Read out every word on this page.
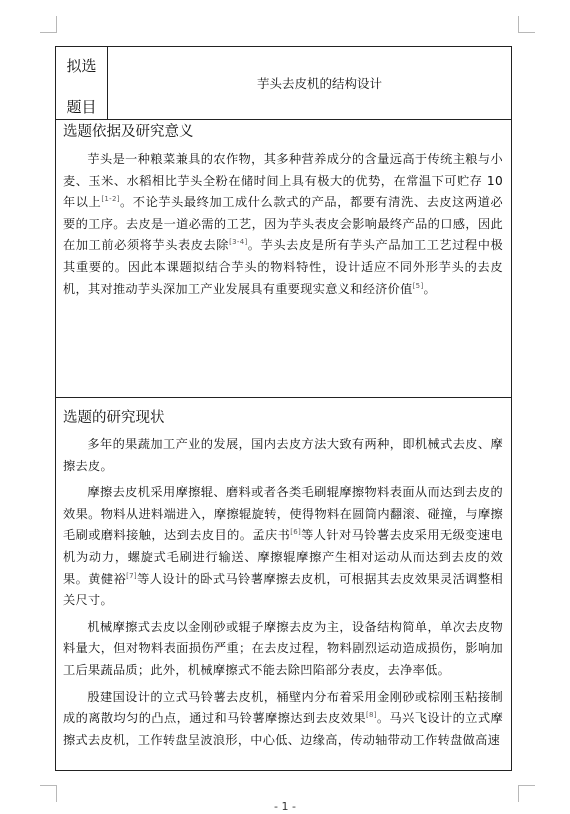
拟选
题目
芋头去皮机的结构设计
选题依据及研究意义

芋头是一种粮菜兼具的农作物，其多种营养成分的含量远高于传统主粮与小麦、玉米、水稻相比芋头全粉在储时间上具有极大的优势，在常温下可贮存 10 年以上[1-2]。不论芋头最终加工成什么款式的产品，都要有清洗、去皮这两道必要的工序。去皮是一道必需的工艺，因为芋头表皮会影响最终产品的口感，因此在加工前必须将芋头表皮去除[3-4]。芋头去皮是所有芋头产品加工工艺过程中极其重要的。因此本课题拟结合芋头的物料特性，设计适应不同外形芋头的去皮机，其对推动芋头深加工产业发展具有重要现实意义和经济价值[5]。

选题的研究现状

多年的果蔬加工产业的发展，国内去皮方法大致有两种，即机械式去皮、摩擦去皮。

摩擦去皮机采用摩擦辊、磨料或者各类毛刷辊摩擦物料表面从而达到去皮的效果。物料从进料端进入，摩擦辊旋转，使得物料在圆筒内翻滚、碰撞，与摩擦毛刷或磨料接触，达到去皮目的。孟庆书[6]等人针对马铃薯去皮采用无级变速电机为动力，螺旋式毛刷进行输送、摩擦辊摩擦产生相对运动从而达到去皮的效果。黄健裕[7]等人设计的卧式马铃薯摩擦去皮机，可根据其去皮效果灵活调整相关尺寸。

机械摩擦式去皮以金刚砂或辊子摩擦去皮为主，设备结构简单，单次去皮物料量大，但对物料表面损伤严重；在去皮过程，物料剧烈运动造成损伤，影响加工后果蔬品质；此外，机械摩擦式不能去除凹陷部分表皮，去净率低。

殷建国设计的立式马铃薯去皮机，桶壁内分布着采用金刚砂或棕刚玉粘接制成的离散均匀的凸点，通过和马铃薯摩擦达到去皮效果[8]。马兴飞设计的立式摩擦式去皮机，工作转盘呈波浪形，中心低、边缘高，传动轴带动工作转盘做高速

- 1 -
